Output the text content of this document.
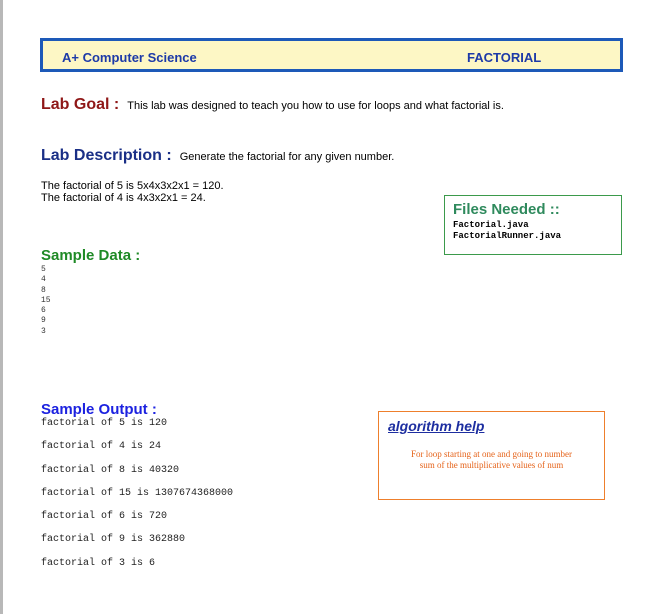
A+ Computer Science	FACTORIAL
Lab Goal : This lab was designed to teach you how to use for loops and what factorial is.
Lab Description : Generate the factorial for any given number.
The factorial of 5 is 5x4x3x2x1 = 120.
The factorial of 4 is 4x3x2x1 = 24.
Files Needed ::
Factorial.java
FactorialRunner.java
Sample Data :
5
4
8
15
6
9
3
Sample Output :
factorial of 5 is 120
factorial of 4 is 24
factorial of 8 is 40320
factorial of 15 is 1307674368000
factorial of 6 is 720
factorial of 9 is 362880
factorial of 3 is 6
algorithm help
For loop starting at one and going to number
sum of the multiplicative values of num
